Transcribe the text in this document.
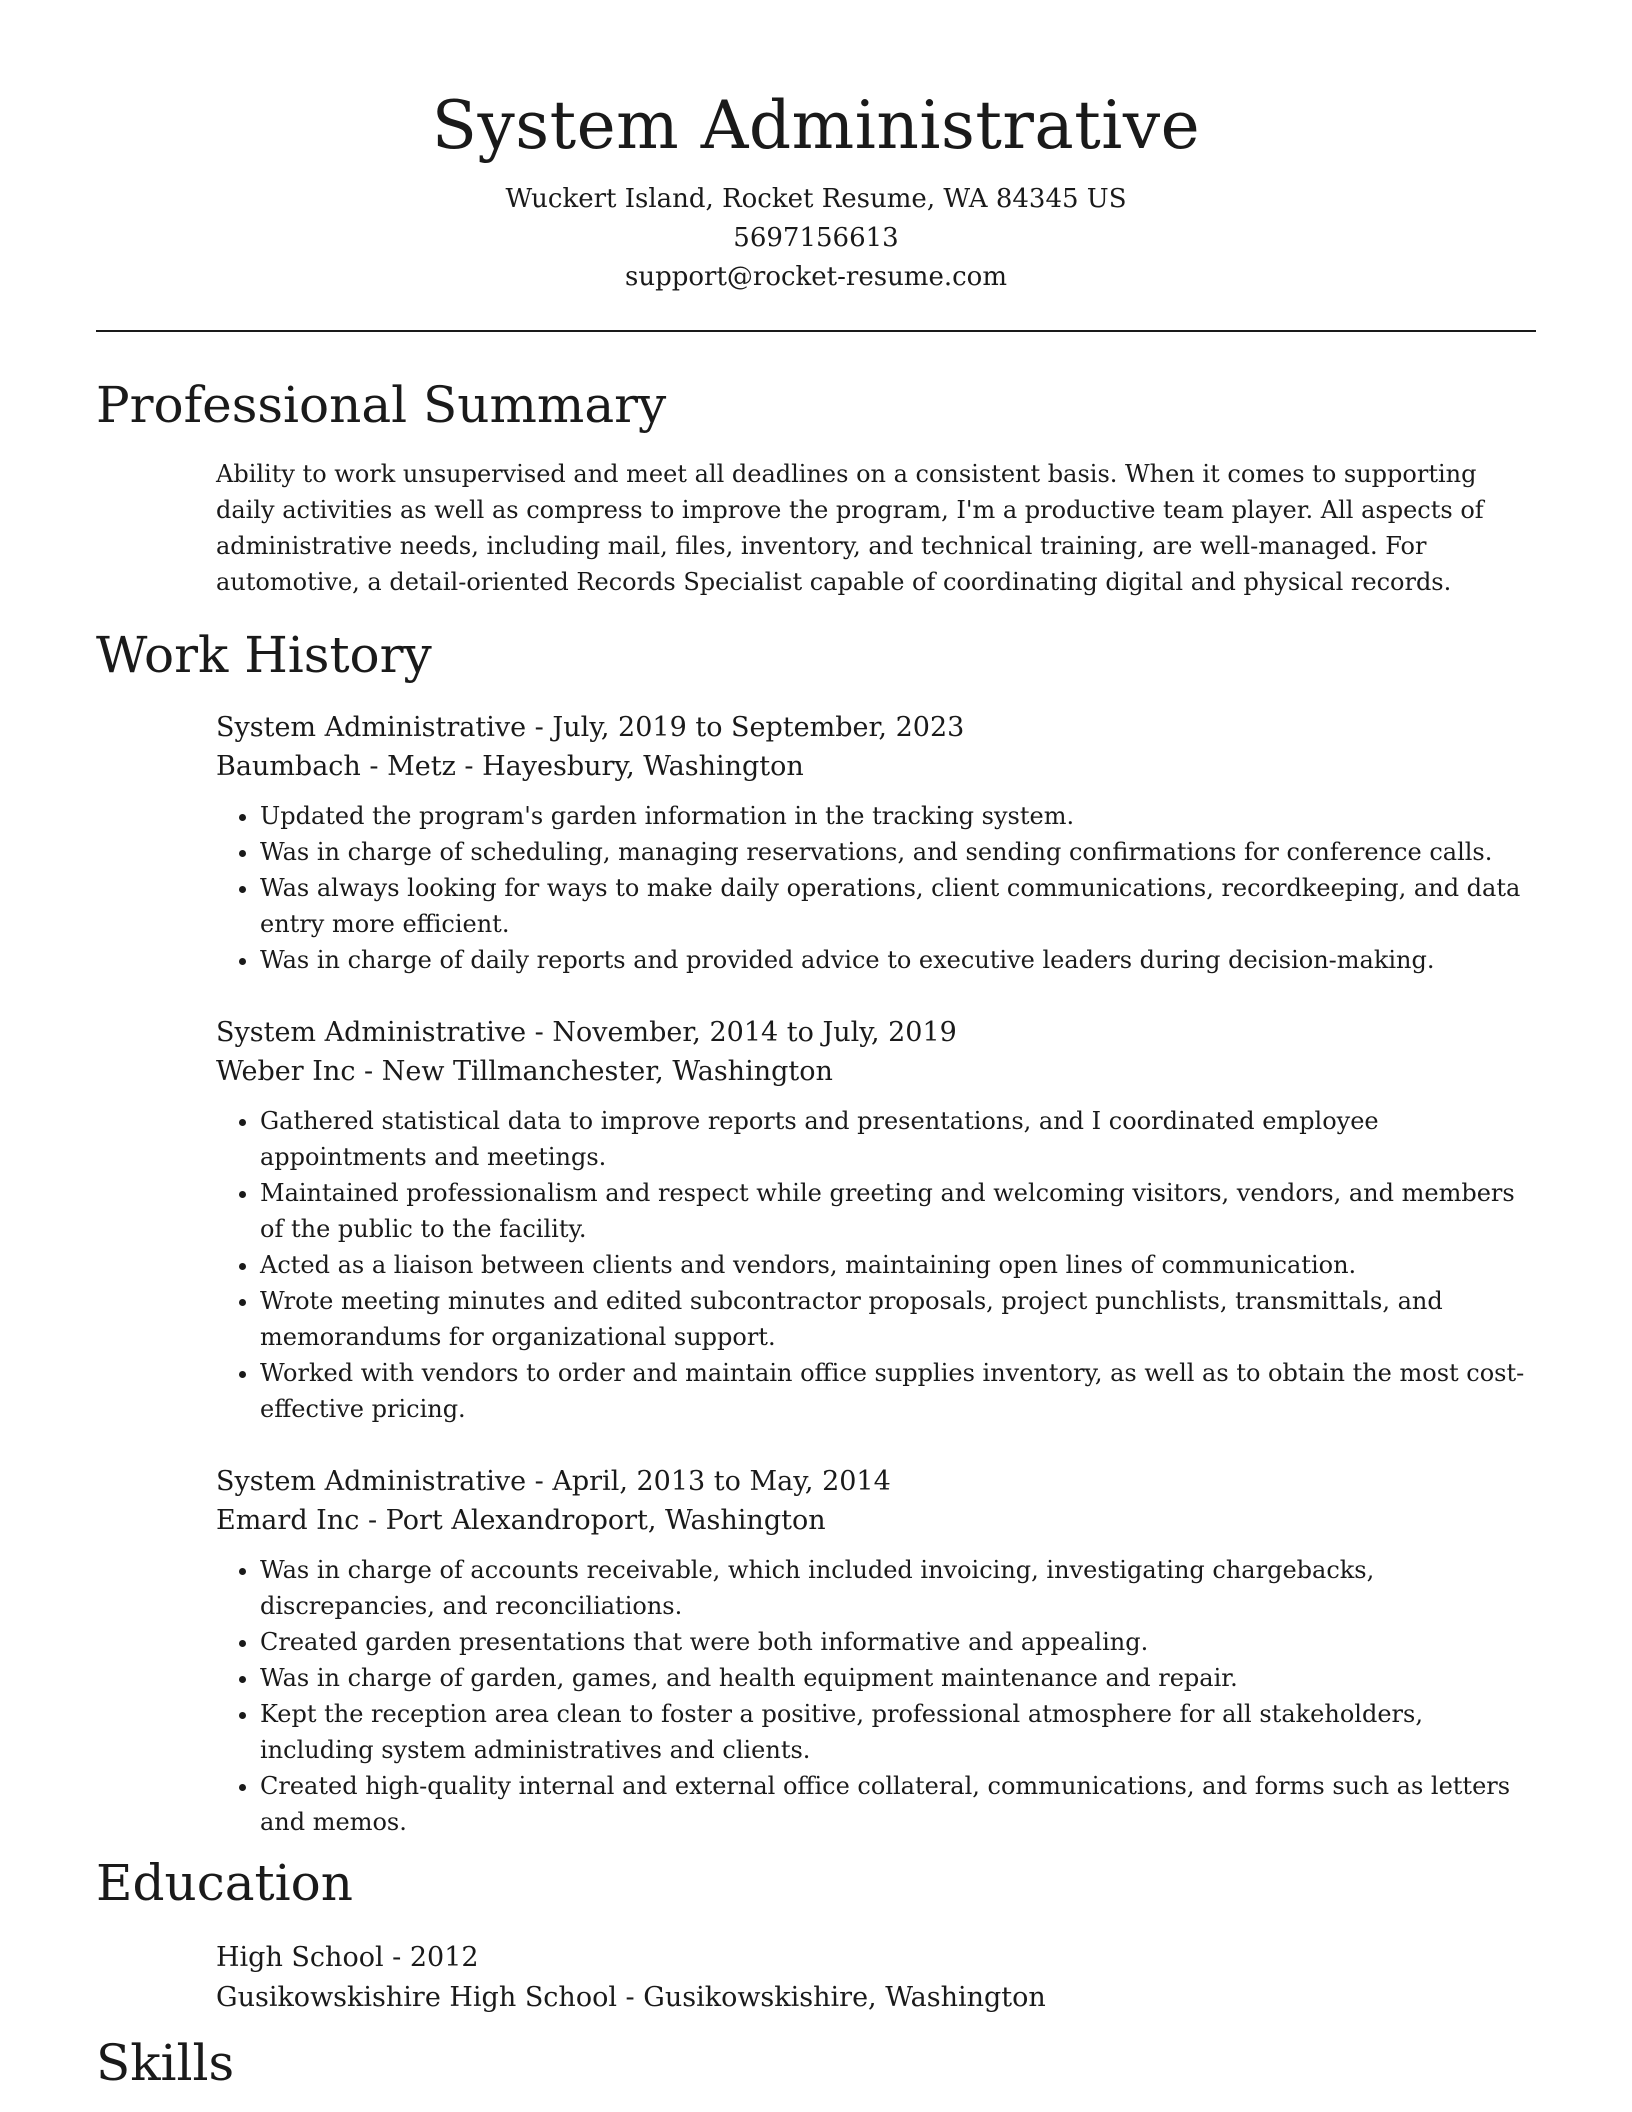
System Administrative
Wuckert Island, Rocket Resume, WA 84345 US
5697156613
support@rocket-resume.com
Professional Summary

Ability to work unsupervised and meet all deadlines on a consistent basis. When it comes to supporting daily activities as well as compress to improve the program, I'm a productive team player. All aspects of administrative needs, including mail, files, inventory, and technical training, are well-managed. For automotive, a detail-oriented Records Specialist capable of coordinating digital and physical records.

Work History
System Administrative - July, 2019 to September, 2023
Baumbach - Metz - Hayesbury, Washington
• Updated the program's garden information in the tracking system.
• Was in charge of scheduling, managing reservations, and sending confirmations for conference calls.
• Was always looking for ways to make daily operations, client communications, recordkeeping, and data entry more efficient.
• Was in charge of daily reports and provided advice to executive leaders during decision-making.
System Administrative - November, 2014 to July, 2019
Weber Inc - New Tillmanchester, Washington
• Gathered statistical data to improve reports and presentations, and I coordinated employee appointments and meetings.
• Maintained professionalism and respect while greeting and welcoming visitors, vendors, and members of the public to the facility.
• Acted as a liaison between clients and vendors, maintaining open lines of communication.
• Wrote meeting minutes and edited subcontractor proposals, project punchlists, transmittals, and memorandums for organizational support.
• Worked with vendors to order and maintain office supplies inventory, as well as to obtain the most cost-effective pricing.
System Administrative - April, 2013 to May, 2014
Emard Inc - Port Alexandroport, Washington
• Was in charge of accounts receivable, which included invoicing, investigating chargebacks, discrepancies, and reconciliations.
• Created garden presentations that were both informative and appealing.
• Was in charge of garden, games, and health equipment maintenance and repair.
• Kept the reception area clean to foster a positive, professional atmosphere for all stakeholders, including system administratives and clients.
• Created high-quality internal and external office collateral, communications, and forms such as letters and memos.
Education
High School - 2012
Gusikowskishire High School - Gusikowskishire, Washington
Skills
